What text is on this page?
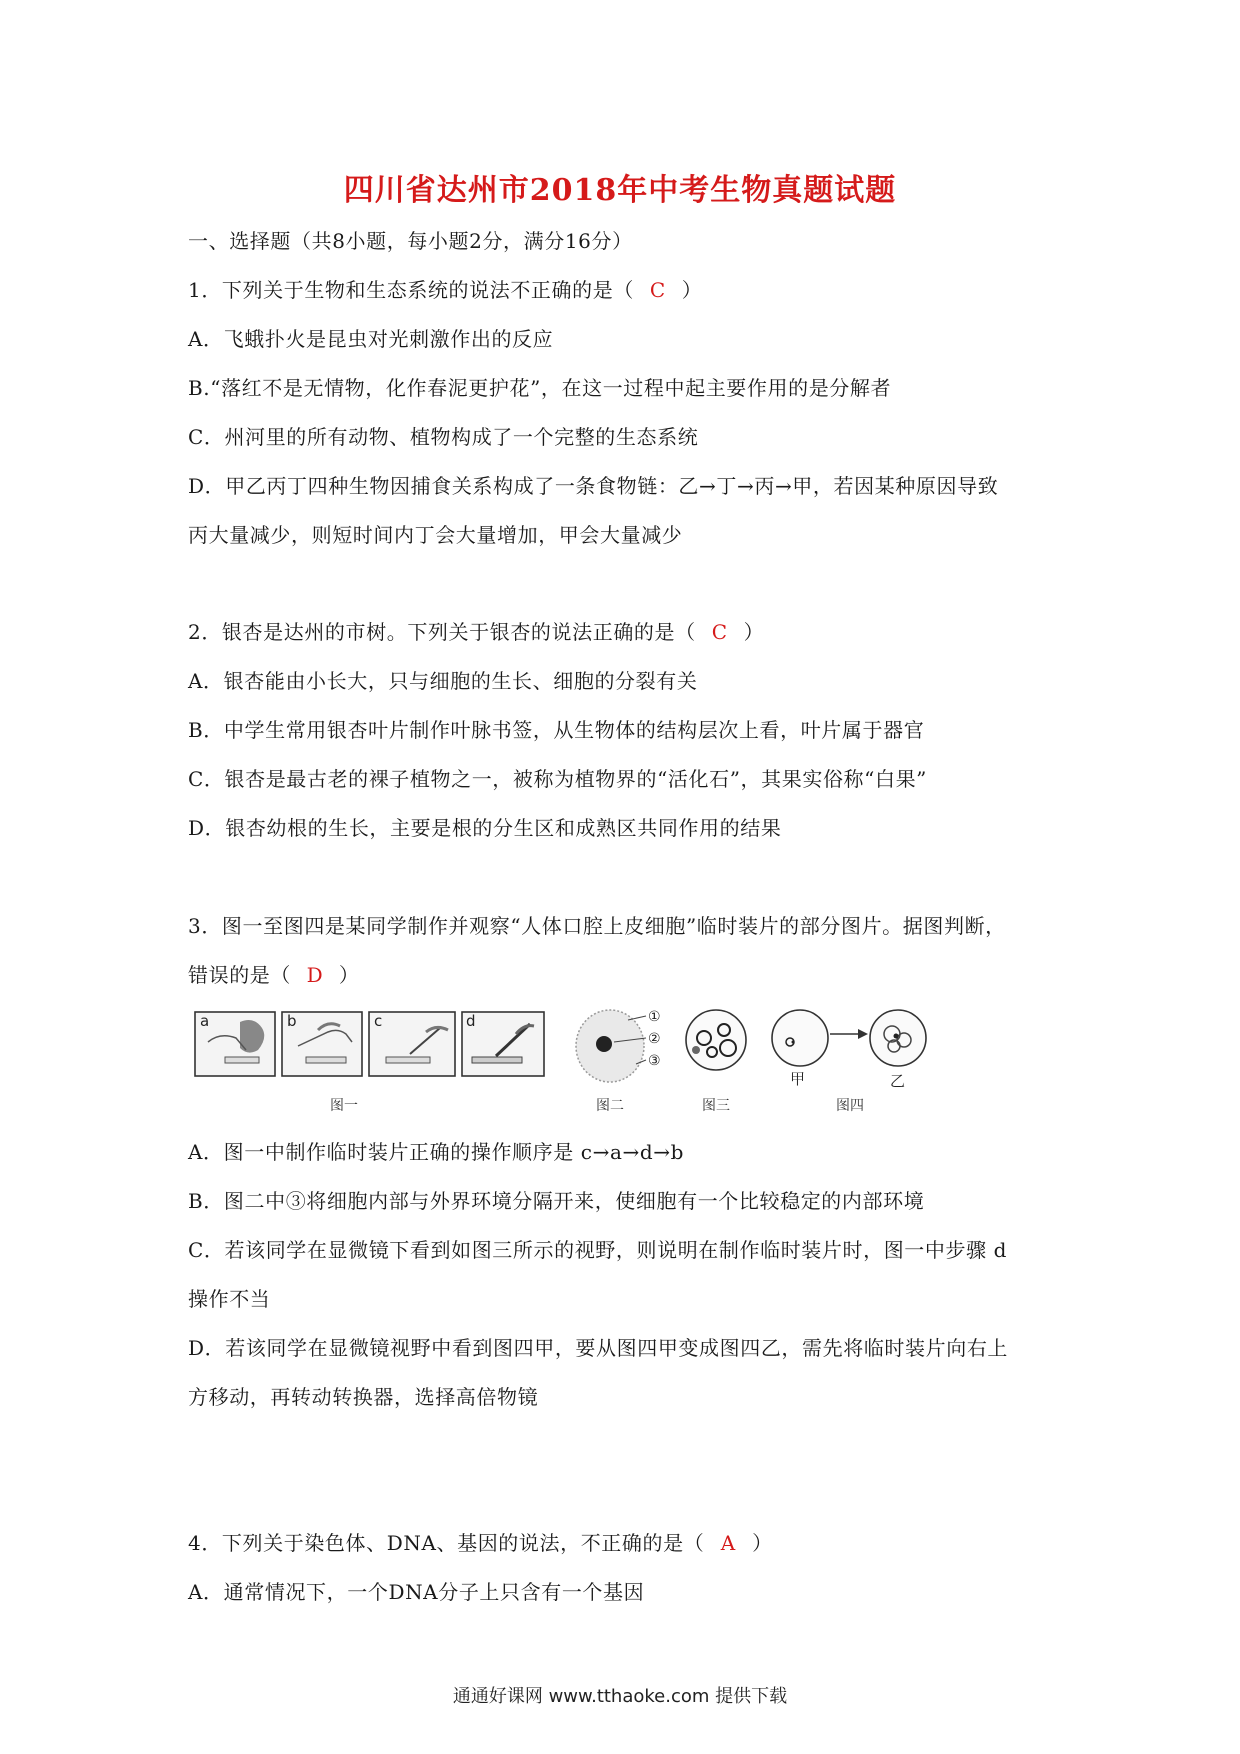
四川省达州市2018年中考生物真题试题
一、选择题（共8小题，每小题2分，满分16分）
1．下列关于生物和生态系统的说法不正确的是（ C  ）
A．飞蛾扑火是昆虫对光刺激作出的反应
B.“落红不是无情物，化作春泥更护花”，在这一过程中起主要作用的是分解者
C．州河里的所有动物、植物构成了一个完整的生态系统
D．甲乙丙丁四种生物因捕食关系构成了一条食物链：乙→丁→丙→甲，若因某种原因导致
丙大量减少，则短时间内丁会大量增加，甲会大量减少
2．银杏是达州的市树。下列关于银杏的说法正确的是（ C  ）
A．银杏能由小长大，只与细胞的生长、细胞的分裂有关
B．中学生常用银杏叶片制作叶脉书签，从生物体的结构层次上看，叶片属于器官
C．银杏是最古老的裸子植物之一，被称为植物界的“活化石”，其果实俗称“白果”
D．银杏幼根的生长，主要是根的分生区和成熟区共同作用的结果
3．图一至图四是某同学制作并观察“人体口腔上皮细胞”临时装片的部分图片。据图判断，
错误的是（ D  ）
a	b	c	d
图一
①
②
③
图二	图三
甲	乙
图四
A．图一中制作临时装片正确的操作顺序是 c→a→d→b
B．图二中③将细胞内部与外界环境分隔开来，使细胞有一个比较稳定的内部环境
C．若该同学在显微镜下看到如图三所示的视野，则说明在制作临时装片时，图一中步骤 d
操作不当
D．若该同学在显微镜视野中看到图四甲，要从图四甲变成图四乙，需先将临时装片向右上
方移动，再转动转换器，选择高倍物镜
4．下列关于染色体、DNA、基因的说法，不正确的是（ A  ）
A．通常情况下，一个DNA分子上只含有一个基因
通通好课网 www.tthaoke.com 提供下载
